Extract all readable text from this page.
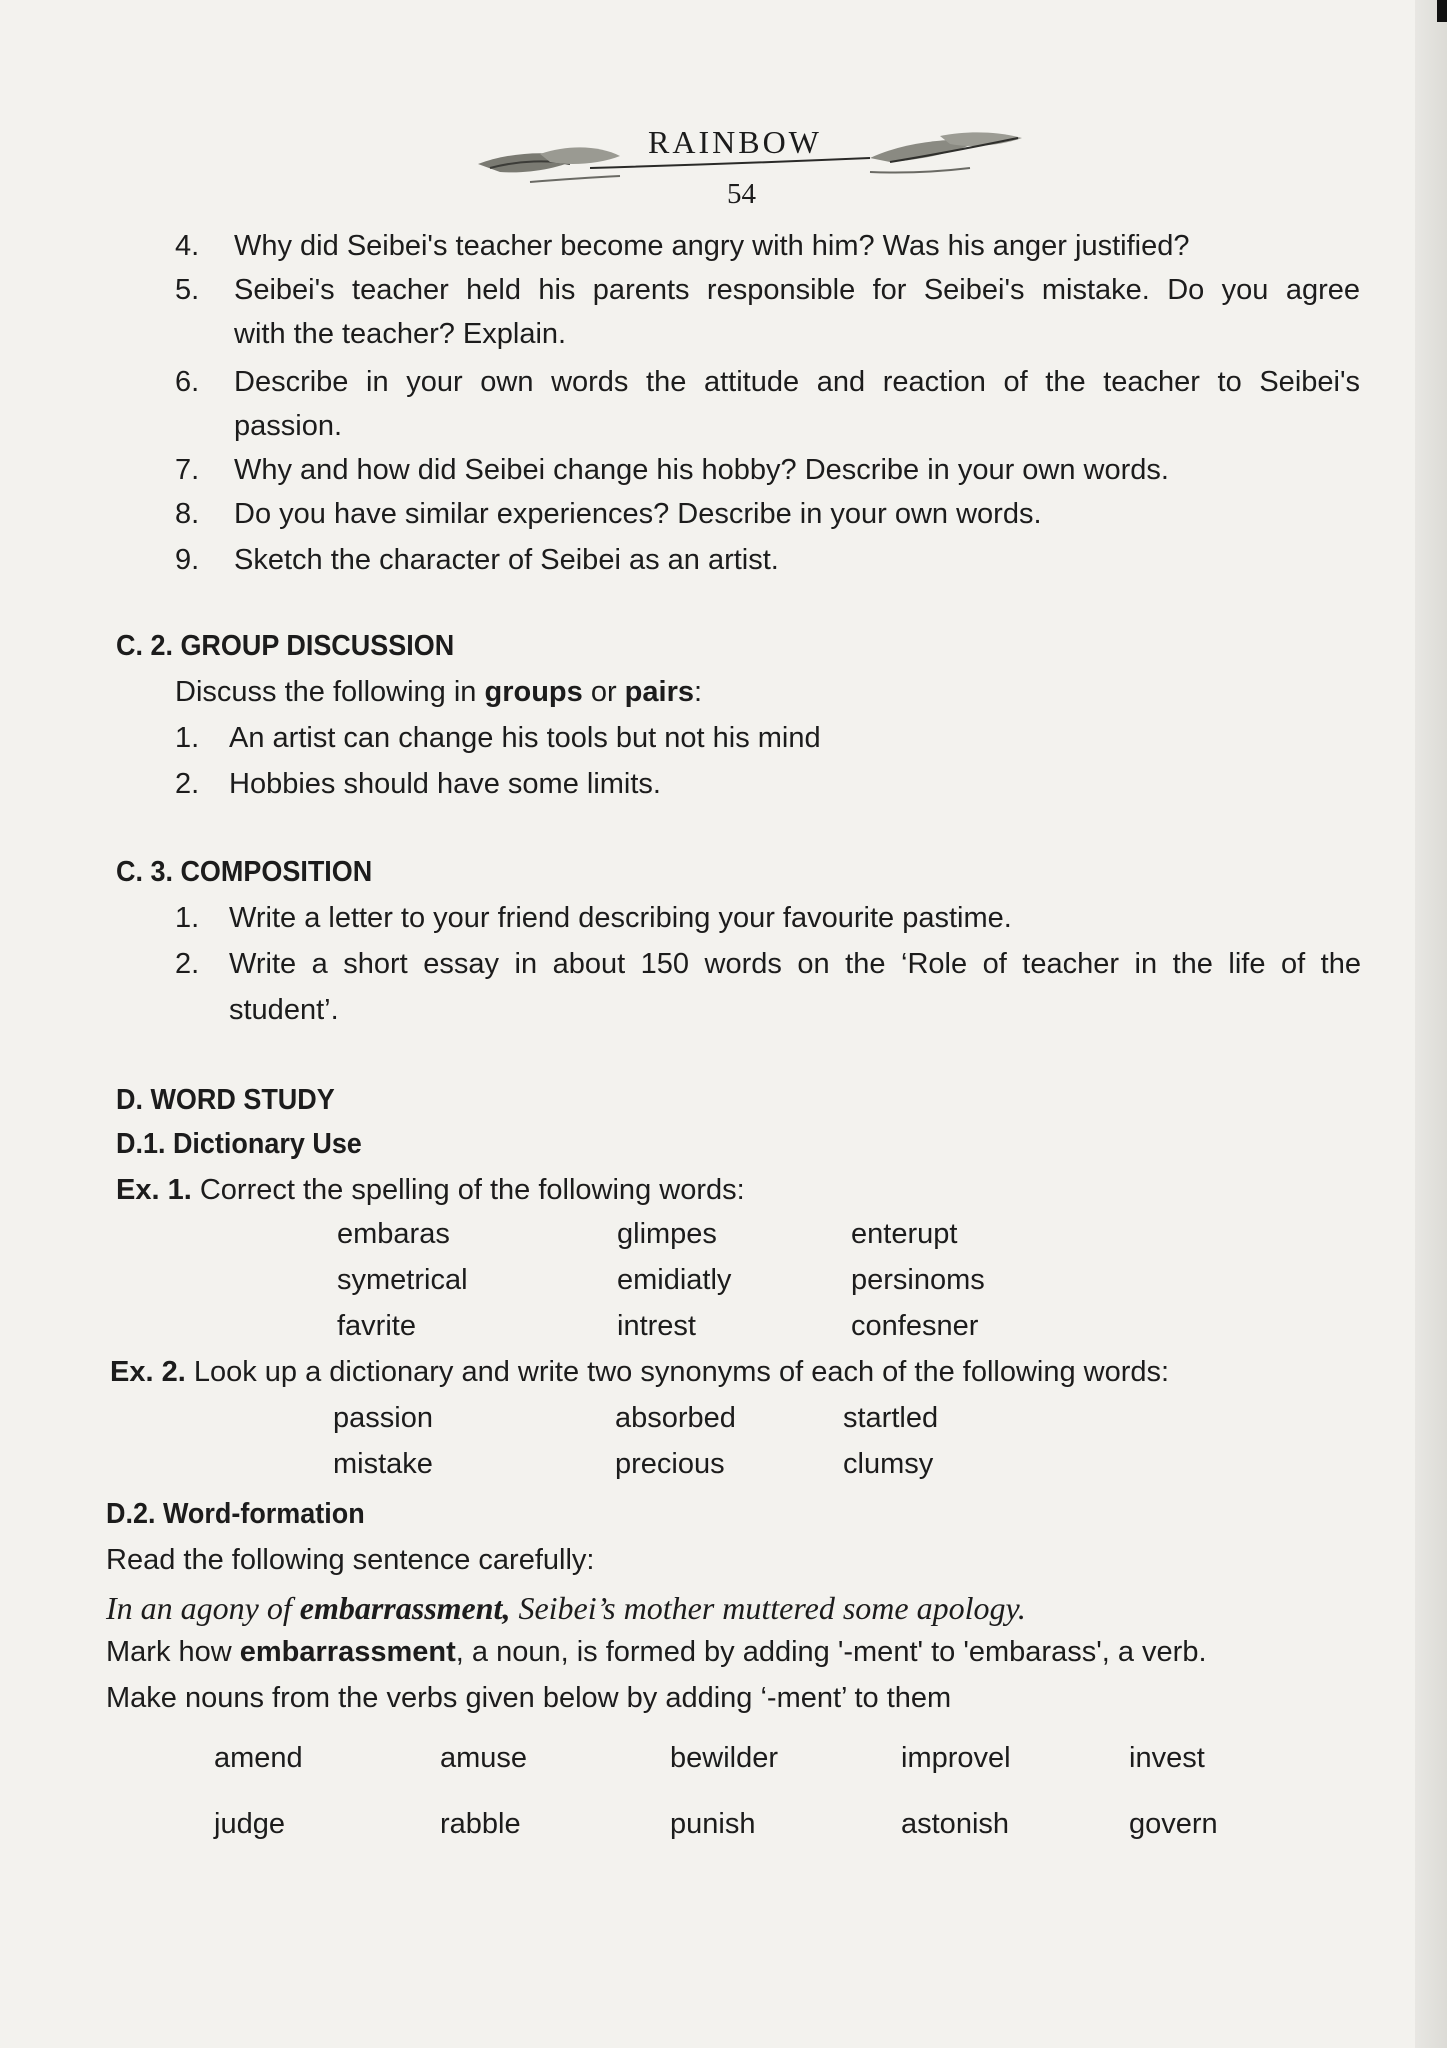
RAINBOW
54
4. Why did Seibei's teacher become angry with him? Was his anger justified?
5. Seibei's teacher held his parents responsible for Seibei's mistake. Do you agree
with the teacher? Explain.
6. Describe in your own words the attitude and reaction of the teacher to Seibei's
passion.
7. Why and how did Seibei change his hobby? Describe in your own words.
8. Do you have similar experiences? Describe in your own words.
9. Sketch the character of Seibei as an artist.
C. 2. GROUP DISCUSSION
Discuss the following in groups or pairs:
1. An artist can change his tools but not his mind
2. Hobbies should have some limits.
C. 3. COMPOSITION
1. Write a letter to your friend describing your favourite pastime.
2. Write a short essay in about 150 words on the ‘Role of teacher in the life of the
student’.
D. WORD STUDY
D.1. Dictionary Use
Ex. 1. Correct the spelling of the following words:
embaras	glimpes	enterupt
symetrical	emidiatly	persinoms
favrite	intrest	confesner
Ex. 2. Look up a dictionary and write two synonyms of each of the following words:
passion	absorbed	startled
mistake	precious	clumsy
D.2. Word-formation
Read the following sentence carefully:
In an agony of embarrassment, Seibei’s mother muttered some apology.
Mark how embarrassment, a noun, is formed by adding '-ment' to 'embarass', a verb.
Make nouns from the verbs given below by adding ‘-ment’ to them
amend	amuse	bewilder	improvel	invest
judge	rabble	punish	astonish	govern
